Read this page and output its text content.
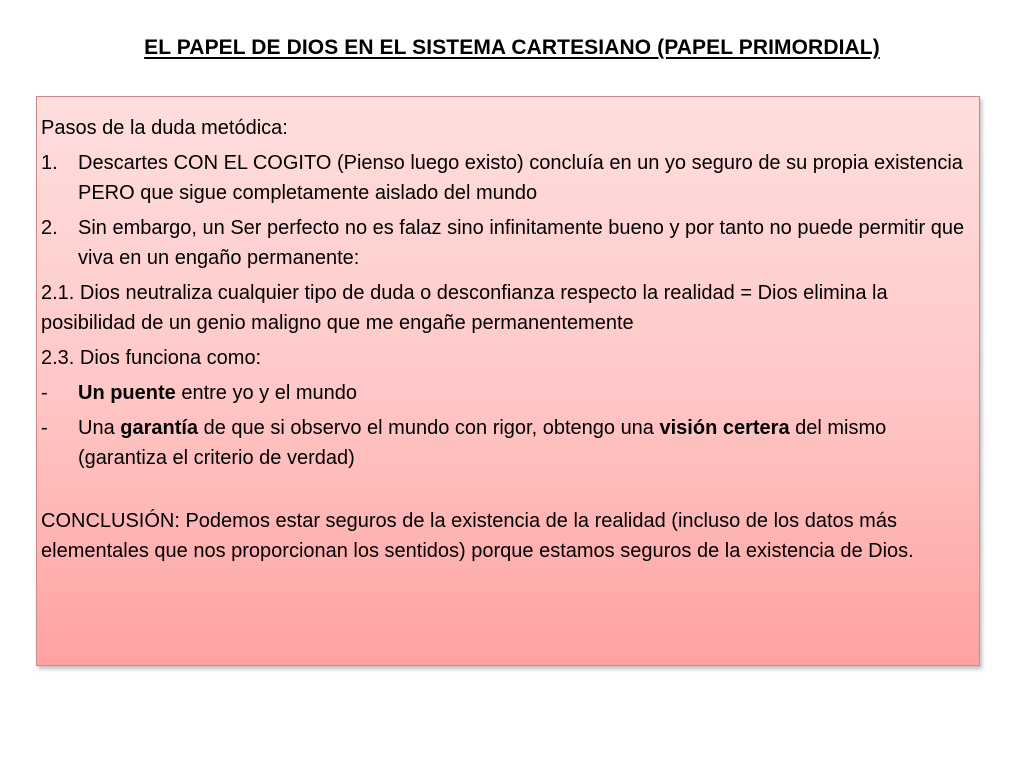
EL PAPEL DE DIOS EN EL SISTEMA CARTESIANO (PAPEL PRIMORDIAL)

Pasos de la duda metódica:

1.	Descartes CON EL COGITO (Pienso luego existo) concluía en un yo seguro de su propia existencia PERO que sigue completamente aislado del mundo
2.	Sin embargo, un Ser perfecto no es falaz sino infinitamente bueno y por tanto no puede permitir que viva en un engaño permanente:

2.1. Dios neutraliza cualquier tipo de duda o desconfianza respecto la realidad = Dios elimina la posibilidad de un genio maligno que me engañe permanentemente

2.3. Dios funciona como:

-	Un puente entre yo y el mundo
-	Una garantía de que si observo el mundo con rigor, obtengo una visión certera del mismo (garantiza el criterio de verdad)

CONCLUSIÓN: Podemos estar seguros de la existencia de la realidad (incluso de los datos más elementales que nos proporcionan los sentidos) porque estamos seguros de la existencia de Dios.
